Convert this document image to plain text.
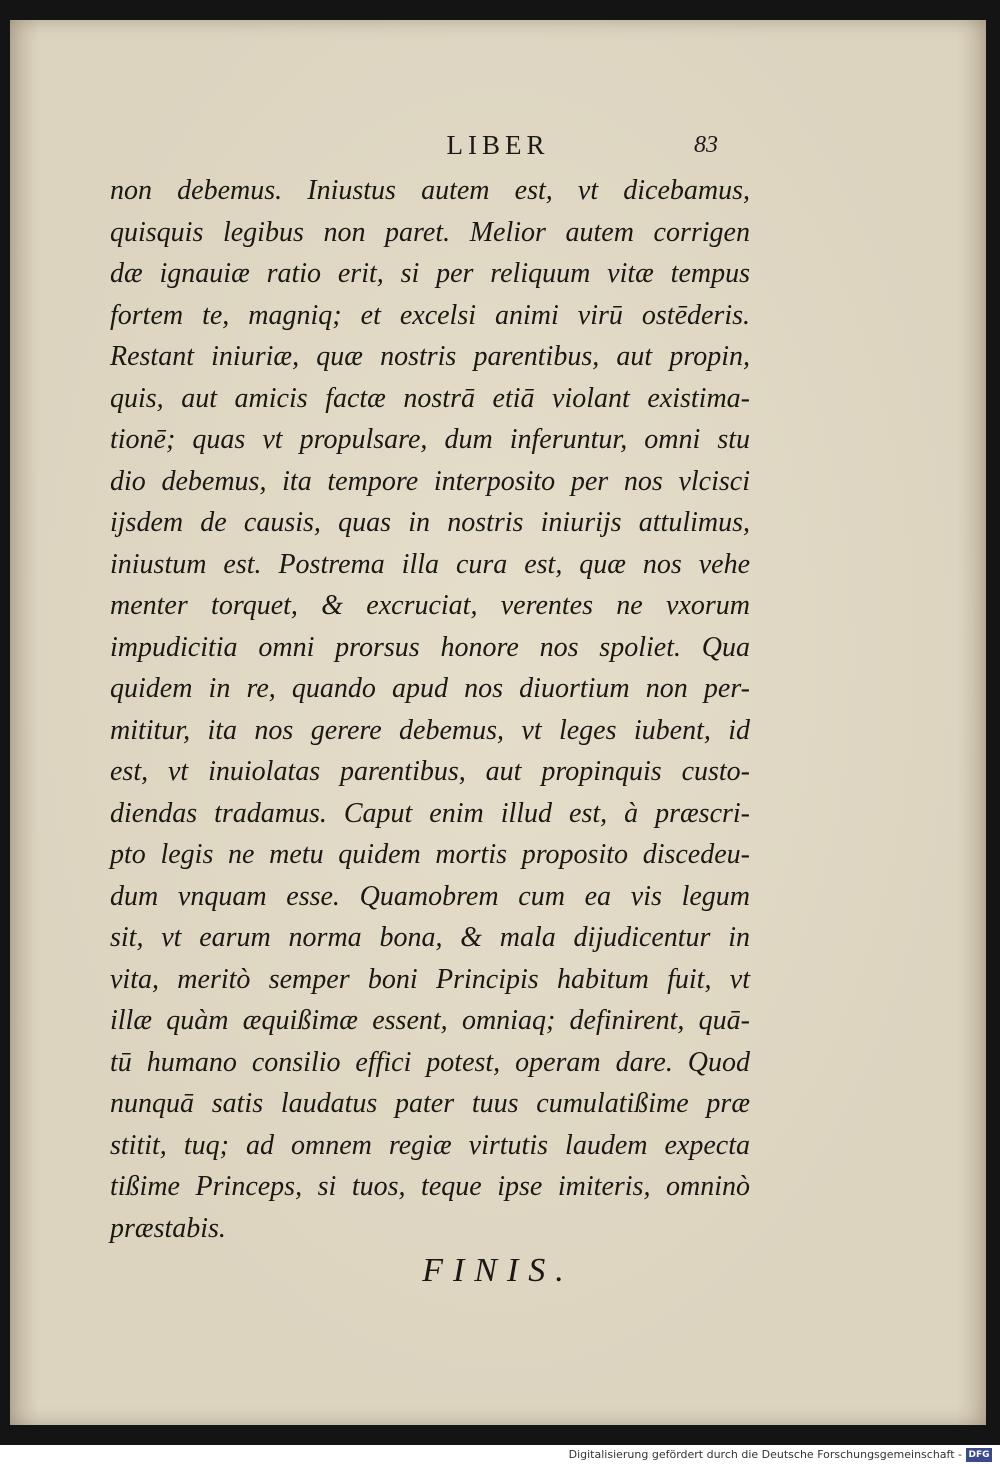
LIBER	83
non debemus. Iniustus autem est, vt dicebamus,
quisquis legibus non paret. Melior autem corrigen
dæ ignauiæ ratio erit, si per reliquum vitæ tempus
fortem te, magniq; et excelsi animi virū ostēderis.
Restant iniuriæ, quæ nostris parentibus, aut propin,
quis, aut amicis factæ nostrā etiā violant existima-
tionē; quas vt propulsare, dum inferuntur, omni stu
dio debemus, ita tempore interposito per nos vlcisci
ijsdem de causis, quas in nostris iniurijs attulimus,
iniustum est. Postrema illa cura est, quæ nos vehe
menter torquet, & excruciat, verentes ne vxorum
impudicitia omni prorsus honore nos spoliet. Qua
quidem in re, quando apud nos diuortium non per-
mititur, ita nos gerere debemus, vt leges iubent, id
est, vt inuiolatas parentibus, aut propinquis custo-
diendas tradamus. Caput enim illud est, à præscri-
pto legis ne metu quidem mortis proposito discedeu-
dum vnquam esse. Quamobrem cum ea vis legum
sit, vt earum norma bona, & mala dijudicentur in
vita, meritò semper boni Principis habitum fuit, vt
illæ quàm æquißimæ essent, omniaq; definirent, quā-
tū humano consilio effici potest, operam dare. Quod
nunquā satis laudatus pater tuus cumulatißime præ
stitit, tuq; ad omnem regiæ virtutis laudem expecta
tißime Princeps, si tuos, teque ipse imiteris, omninò
præstabis.
FINIS.
Digitalisierung gefördert durch die Deutsche Forschungsgemeinschaft - DFG
